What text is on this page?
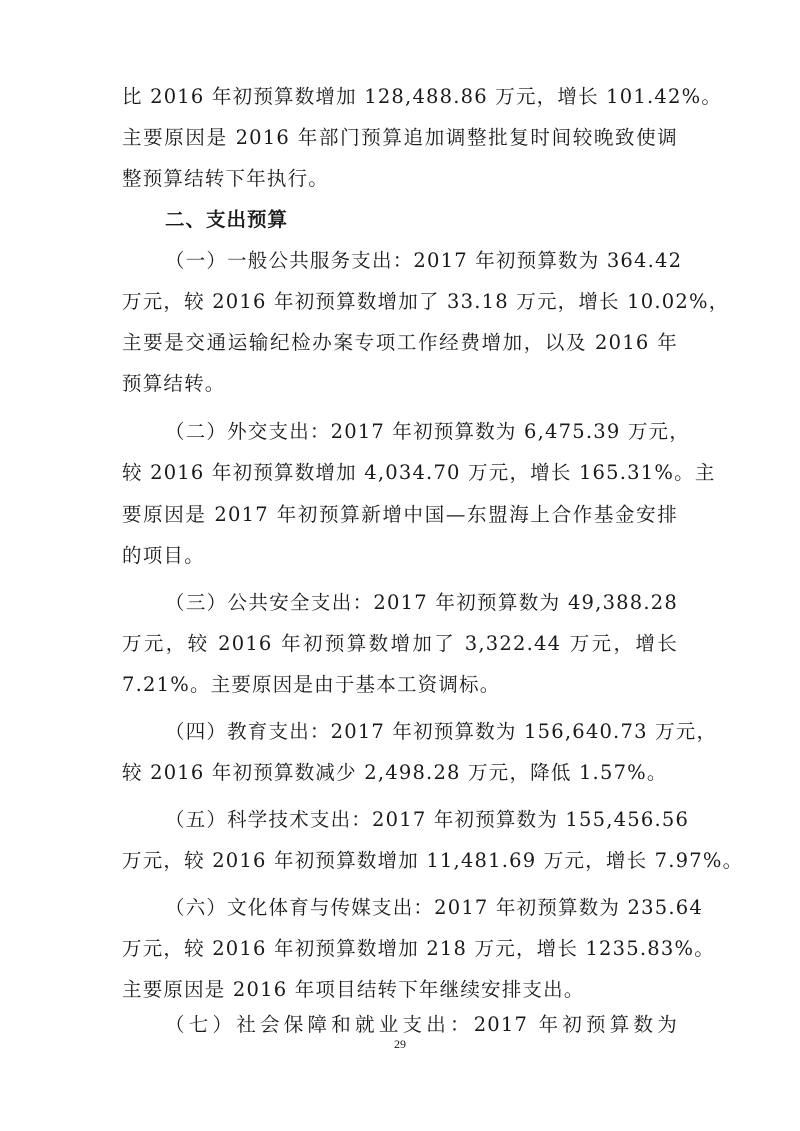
比 2016 年初预算数增加 128,488.86 万元，增长 101.42%。
主要原因是 2016 年部门预算追加调整批复时间较晚致使调
整预算结转下年执行。
二、支出预算
（一）一般公共服务支出：2017 年初预算数为 364.42
万元，较 2016 年初预算数增加了 33.18 万元，增长 10.02%，
主要是交通运输纪检办案专项工作经费增加，以及 2016 年
预算结转。
（二）外交支出：2017 年初预算数为 6,475.39 万元，
较 2016 年初预算数增加 4,034.70 万元，增长 165.31%。主
要原因是 2017 年初预算新增中国—东盟海上合作基金安排
的项目。
（三）公共安全支出：2017 年初预算数为 49,388.28
万元，较 2016 年初预算数增加了 3,322.44 万元，增长
7.21%。主要原因是由于基本工资调标。
（四）教育支出：2017 年初预算数为 156,640.73 万元，
较 2016 年初预算数减少 2,498.28 万元，降低 1.57%。
（五）科学技术支出：2017 年初预算数为 155,456.56
万元，较 2016 年初预算数增加 11,481.69 万元，增长 7.97%。
（六）文化体育与传媒支出：2017 年初预算数为 235.64
万元，较 2016 年初预算数增加 218 万元，增长 1235.83%。
主要原因是 2016 年项目结转下年继续安排支出。
（七）社会保障和就业支出：2017 年初预算数为
29
